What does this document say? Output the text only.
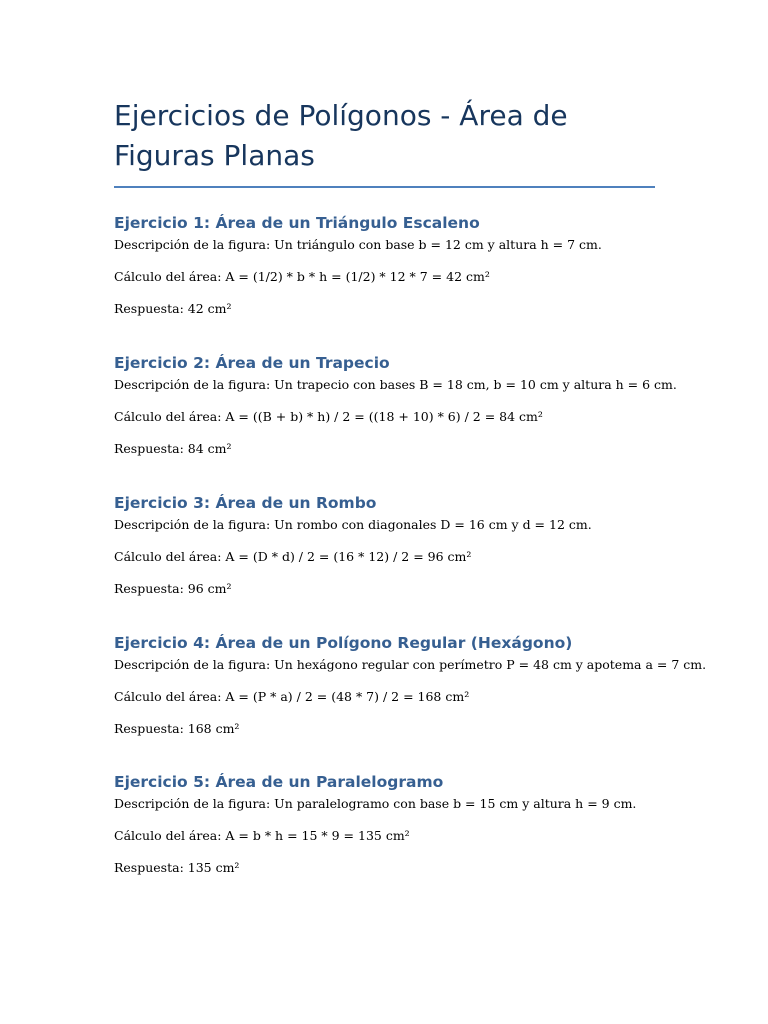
Ejercicios de Polígonos - Área de Figuras Planas
Ejercicio 1: Área de un Triángulo Escaleno

Descripción de la figura: Un triángulo con base b = 12 cm y altura h = 7 cm.

Cálculo del área: A = (1/2) * b * h = (1/2) * 12 * 7 = 42 cm²

Respuesta: 42 cm²

Ejercicio 2: Área de un Trapecio

Descripción de la figura: Un trapecio con bases B = 18 cm, b = 10 cm y altura h = 6 cm.

Cálculo del área: A = ((B + b) * h) / 2 = ((18 + 10) * 6) / 2 = 84 cm²

Respuesta: 84 cm²

Ejercicio 3: Área de un Rombo

Descripción de la figura: Un rombo con diagonales D = 16 cm y d = 12 cm.

Cálculo del área: A = (D * d) / 2 = (16 * 12) / 2 = 96 cm²

Respuesta: 96 cm²

Ejercicio 4: Área de un Polígono Regular (Hexágono)

Descripción de la figura: Un hexágono regular con perímetro P = 48 cm y apotema a = 7 cm.

Cálculo del área: A = (P * a) / 2 = (48 * 7) / 2 = 168 cm²

Respuesta: 168 cm²

Ejercicio 5: Área de un Paralelogramo

Descripción de la figura: Un paralelogramo con base b = 15 cm y altura h = 9 cm.

Cálculo del área: A = b * h = 15 * 9 = 135 cm²

Respuesta: 135 cm²
